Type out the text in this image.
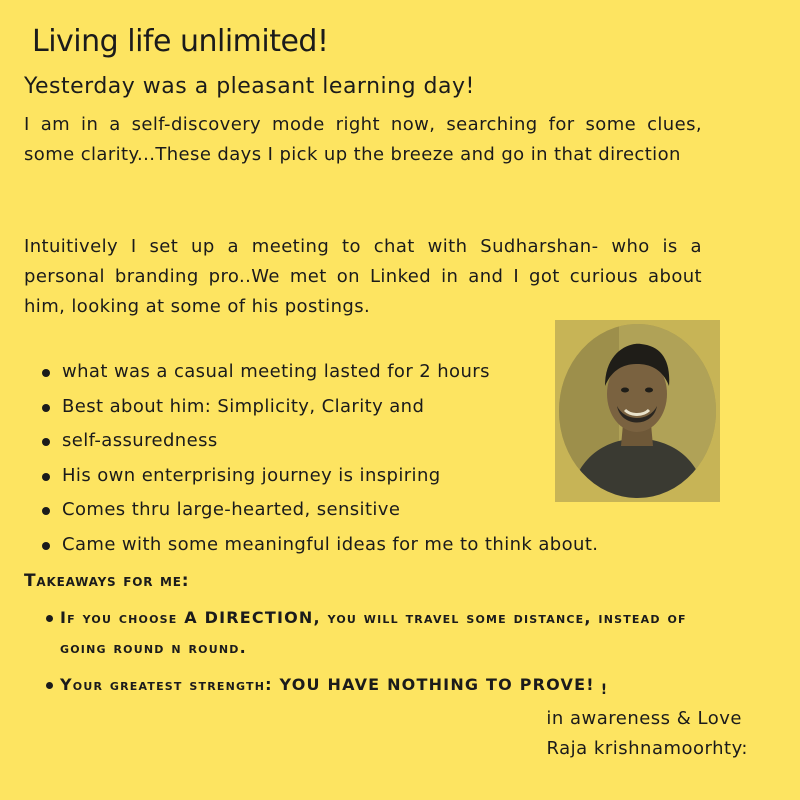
Living life unlimited!
Yesterday was a pleasant learning day!

I am in a self-discovery mode right now, searching for some clues, some clarity...These days I pick up the breeze and go in that direction

Intuitively I set up a meeting to chat with Sudharshan- who is a personal branding pro..We met on Linked in and I got curious about him, looking at some of his postings.

what was a casual meeting lasted for 2 hours
Best about him: Simplicity, Clarity and
self-assuredness
His own enterprising journey is inspiring
Comes thru large-hearted, sensitive
Came with some meaningful ideas for me to think about.
Takeaways for me:
If you choose A DIRECTION, you will travel some distance, instead of going round n round.
Your greatest strength: YOU HAVE NOTHING TO PROVE! !
in awareness & Love
Raja krishnamoorhty:
